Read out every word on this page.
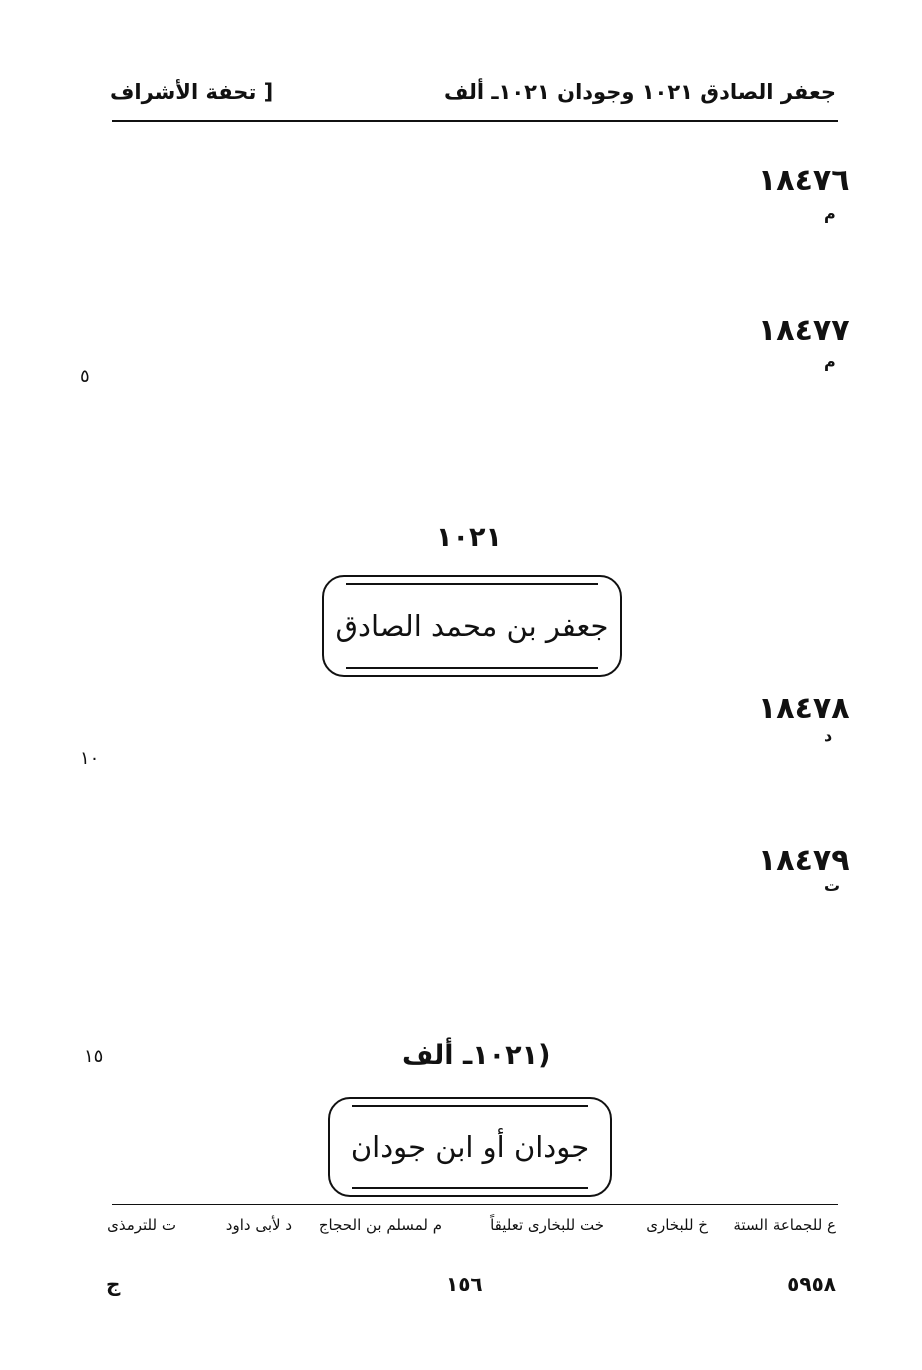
جعفر الصادق ١٠٢١ وجودان ١٠٢١ـ ألف
[ تحفة الأشراف
١٨٤٧٦
م
١٨٤٧٧
م
٥
١٠٢١
جعفر بن محمد الصادق
١٨٤٧٨
د
١٠
١٨٤٧٩
ت
١٥	(١٠٢١ـ ألف
جودان أو ابن جودان
ع للجماعة الستة
خ للبخارى
خت للبخارى تعليقاً
م لمسلم بن الحجاج
د لأبى داود
ت للترمذى
٥٩٥٨
١٥٦
ج
